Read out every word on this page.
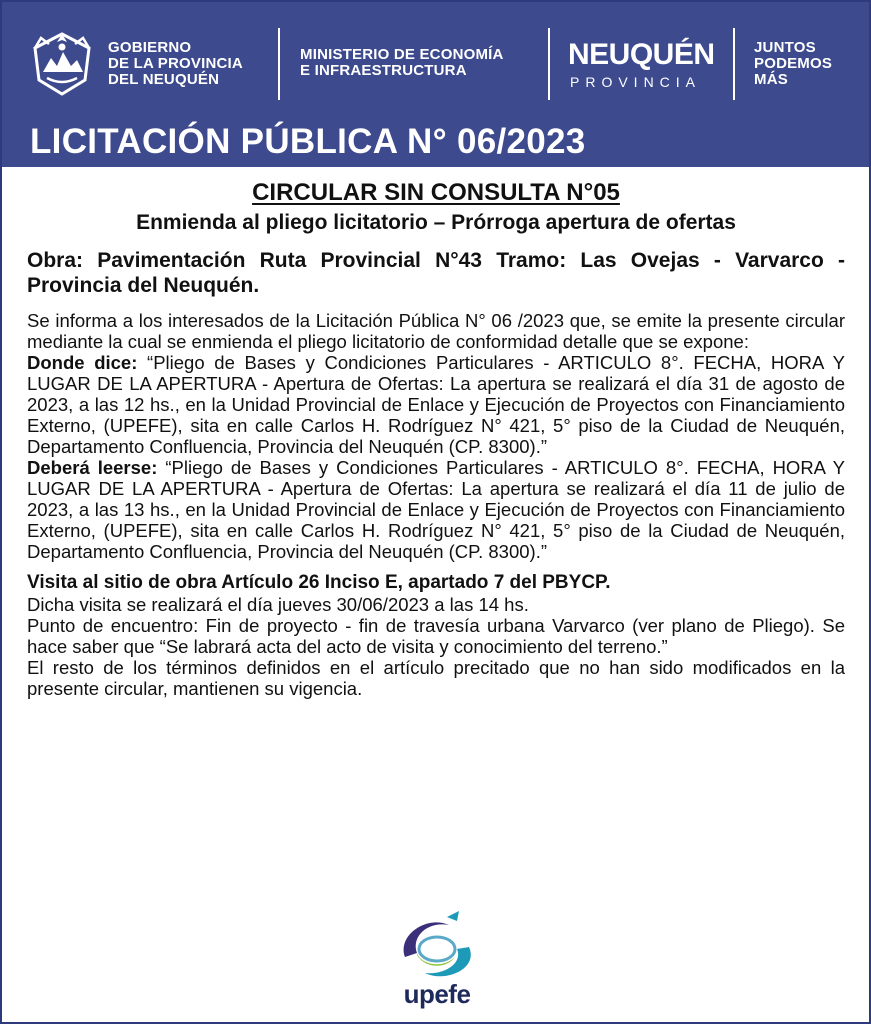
GOBIERNO
DE LA PROVINCIA
DEL NEUQUÉN
MINISTERIO DE ECONOMÍA
E INFRAESTRUCTURA	NEUQUÉN
PROVINCIA
JUNTOS
PODEMOS
MÁS
LICITACIÓN PÚBLICA N° 06/2023
CIRCULAR SIN CONSULTA N°05
Enmienda al pliego licitatorio – Prórroga apertura de ofertas
Obra: Pavimentación Ruta Provincial N°43 Tramo: Las Ovejas - Varvarco - Provincia del Neuquén.

Se informa a los interesados de la Licitación Pública N° 06 /2023 que, se emite la presente circular mediante la cual se enmienda el pliego licitatorio de conformidad detalle que se expone:

Donde dice: “Pliego de Bases y Condiciones Particulares - ARTICULO 8°. FECHA, HORA Y LUGAR DE LA APERTURA - Apertura de Ofertas: La apertura se realizará el día 31 de agosto de 2023, a las 12 hs., en la Unidad Provincial de Enlace y Ejecución de Proyectos con Financiamiento Externo, (UPEFE), sita en calle Carlos H. Rodríguez N° 421, 5° piso de la Ciudad de Neuquén, Departamento Confluencia, Provincia del Neuquén (CP. 8300).”

Deberá leerse: “Pliego de Bases y Condiciones Particulares - ARTICULO 8°. FECHA, HORA Y LUGAR DE LA APERTURA - Apertura de Ofertas: La apertura se realizará el día 11 de julio de 2023, a las 13 hs., en la Unidad Provincial de Enlace y Ejecución de Proyectos con Financiamiento Externo, (UPEFE), sita en calle Carlos H. Rodríguez N° 421, 5° piso de la Ciudad de Neuquén, Departamento Confluencia, Provincia del Neuquén (CP. 8300).”

Visita al sitio de obra Artículo 26 Inciso E, apartado 7 del PBYCP.

Dicha visita se realizará el día jueves 30/06/2023 a las 14 hs.

Punto de encuentro: Fin de proyecto - fin de travesía urbana Varvarco (ver plano de Pliego). Se hace saber que “Se labrará acta del acto de visita y conocimiento del terreno.”

El resto de los términos definidos en el artículo precitado que no han sido modificados en la presente circular, mantienen su vigencia.

upefe
